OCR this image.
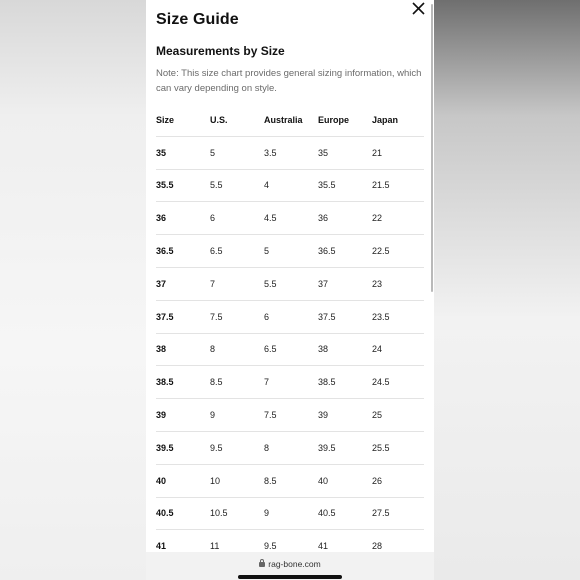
Size Guide
Measurements by Size

Note: This size chart provides general sizing information, which can vary depending on style.

Size	U.S.	Australia	Europe	Japan
35	5	3.5	35	21
35.5	5.5	4	35.5	21.5
36	6	4.5	36	22
36.5	6.5	5	36.5	22.5
37	7	5.5	37	23
37.5	7.5	6	37.5	23.5
38	8	6.5	38	24
38.5	8.5	7	38.5	24.5
39	9	7.5	39	25
39.5	9.5	8	39.5	25.5
40	10	8.5	40	26
40.5	10.5	9	40.5	27.5
41	11	9.5	41	28
rag-bone.com
